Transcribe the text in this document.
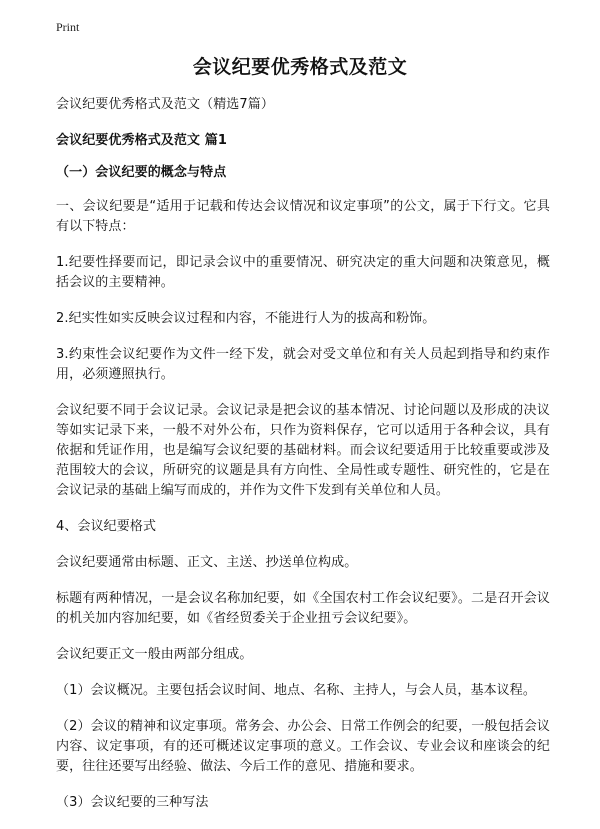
Print
会议纪要优秀格式及范文

会议纪要优秀格式及范文（精选7篇）

会议纪要优秀格式及范文 篇1

（一）会议纪要的概念与特点

一、会议纪要是“适用于记载和传达会议情况和议定事项”的公文，属于下行文。它具有以下特点：

1.纪要性择要而记，即记录会议中的重要情况、研究决定的重大问题和决策意见，概括会议的主要精神。

2.纪实性如实反映会议过程和内容，不能进行人为的拔高和粉饰。

3.约束性会议纪要作为文件一经下发，就会对受文单位和有关人员起到指导和约束作用，必须遵照执行。

会议纪要不同于会议记录。会议记录是把会议的基本情况、讨论问题以及形成的决议等如实记录下来，一般不对外公布，只作为资料保存，它可以适用于各种会议，具有依据和凭证作用，也是编写会议纪要的基础材料。而会议纪要适用于比较重要或涉及范围较大的会议，所研究的议题是具有方向性、全局性或专题性、研究性的，它是在会议记录的基础上编写而成的，并作为文件下发到有关单位和人员。

4、会议纪要格式

会议纪要通常由标题、正文、主送、抄送单位构成。

标题有两种情况，一是会议名称加纪要，如《全国农村工作会议纪要》。二是召开会议的机关加内容加纪要，如《省经贸委关于企业扭亏会议纪要》。

会议纪要正文一般由两部分组成。

（1）会议概况。主要包括会议时间、地点、名称、主持人，与会人员，基本议程。

（2）会议的精神和议定事项。常务会、办公会、日常工作例会的纪要，一般包括会议内容、议定事项，有的还可概述议定事项的意义。工作会议、专业会议和座谈会的纪要，往往还要写出经验、做法、今后工作的意见、措施和要求。

（3）会议纪要的三种写法
